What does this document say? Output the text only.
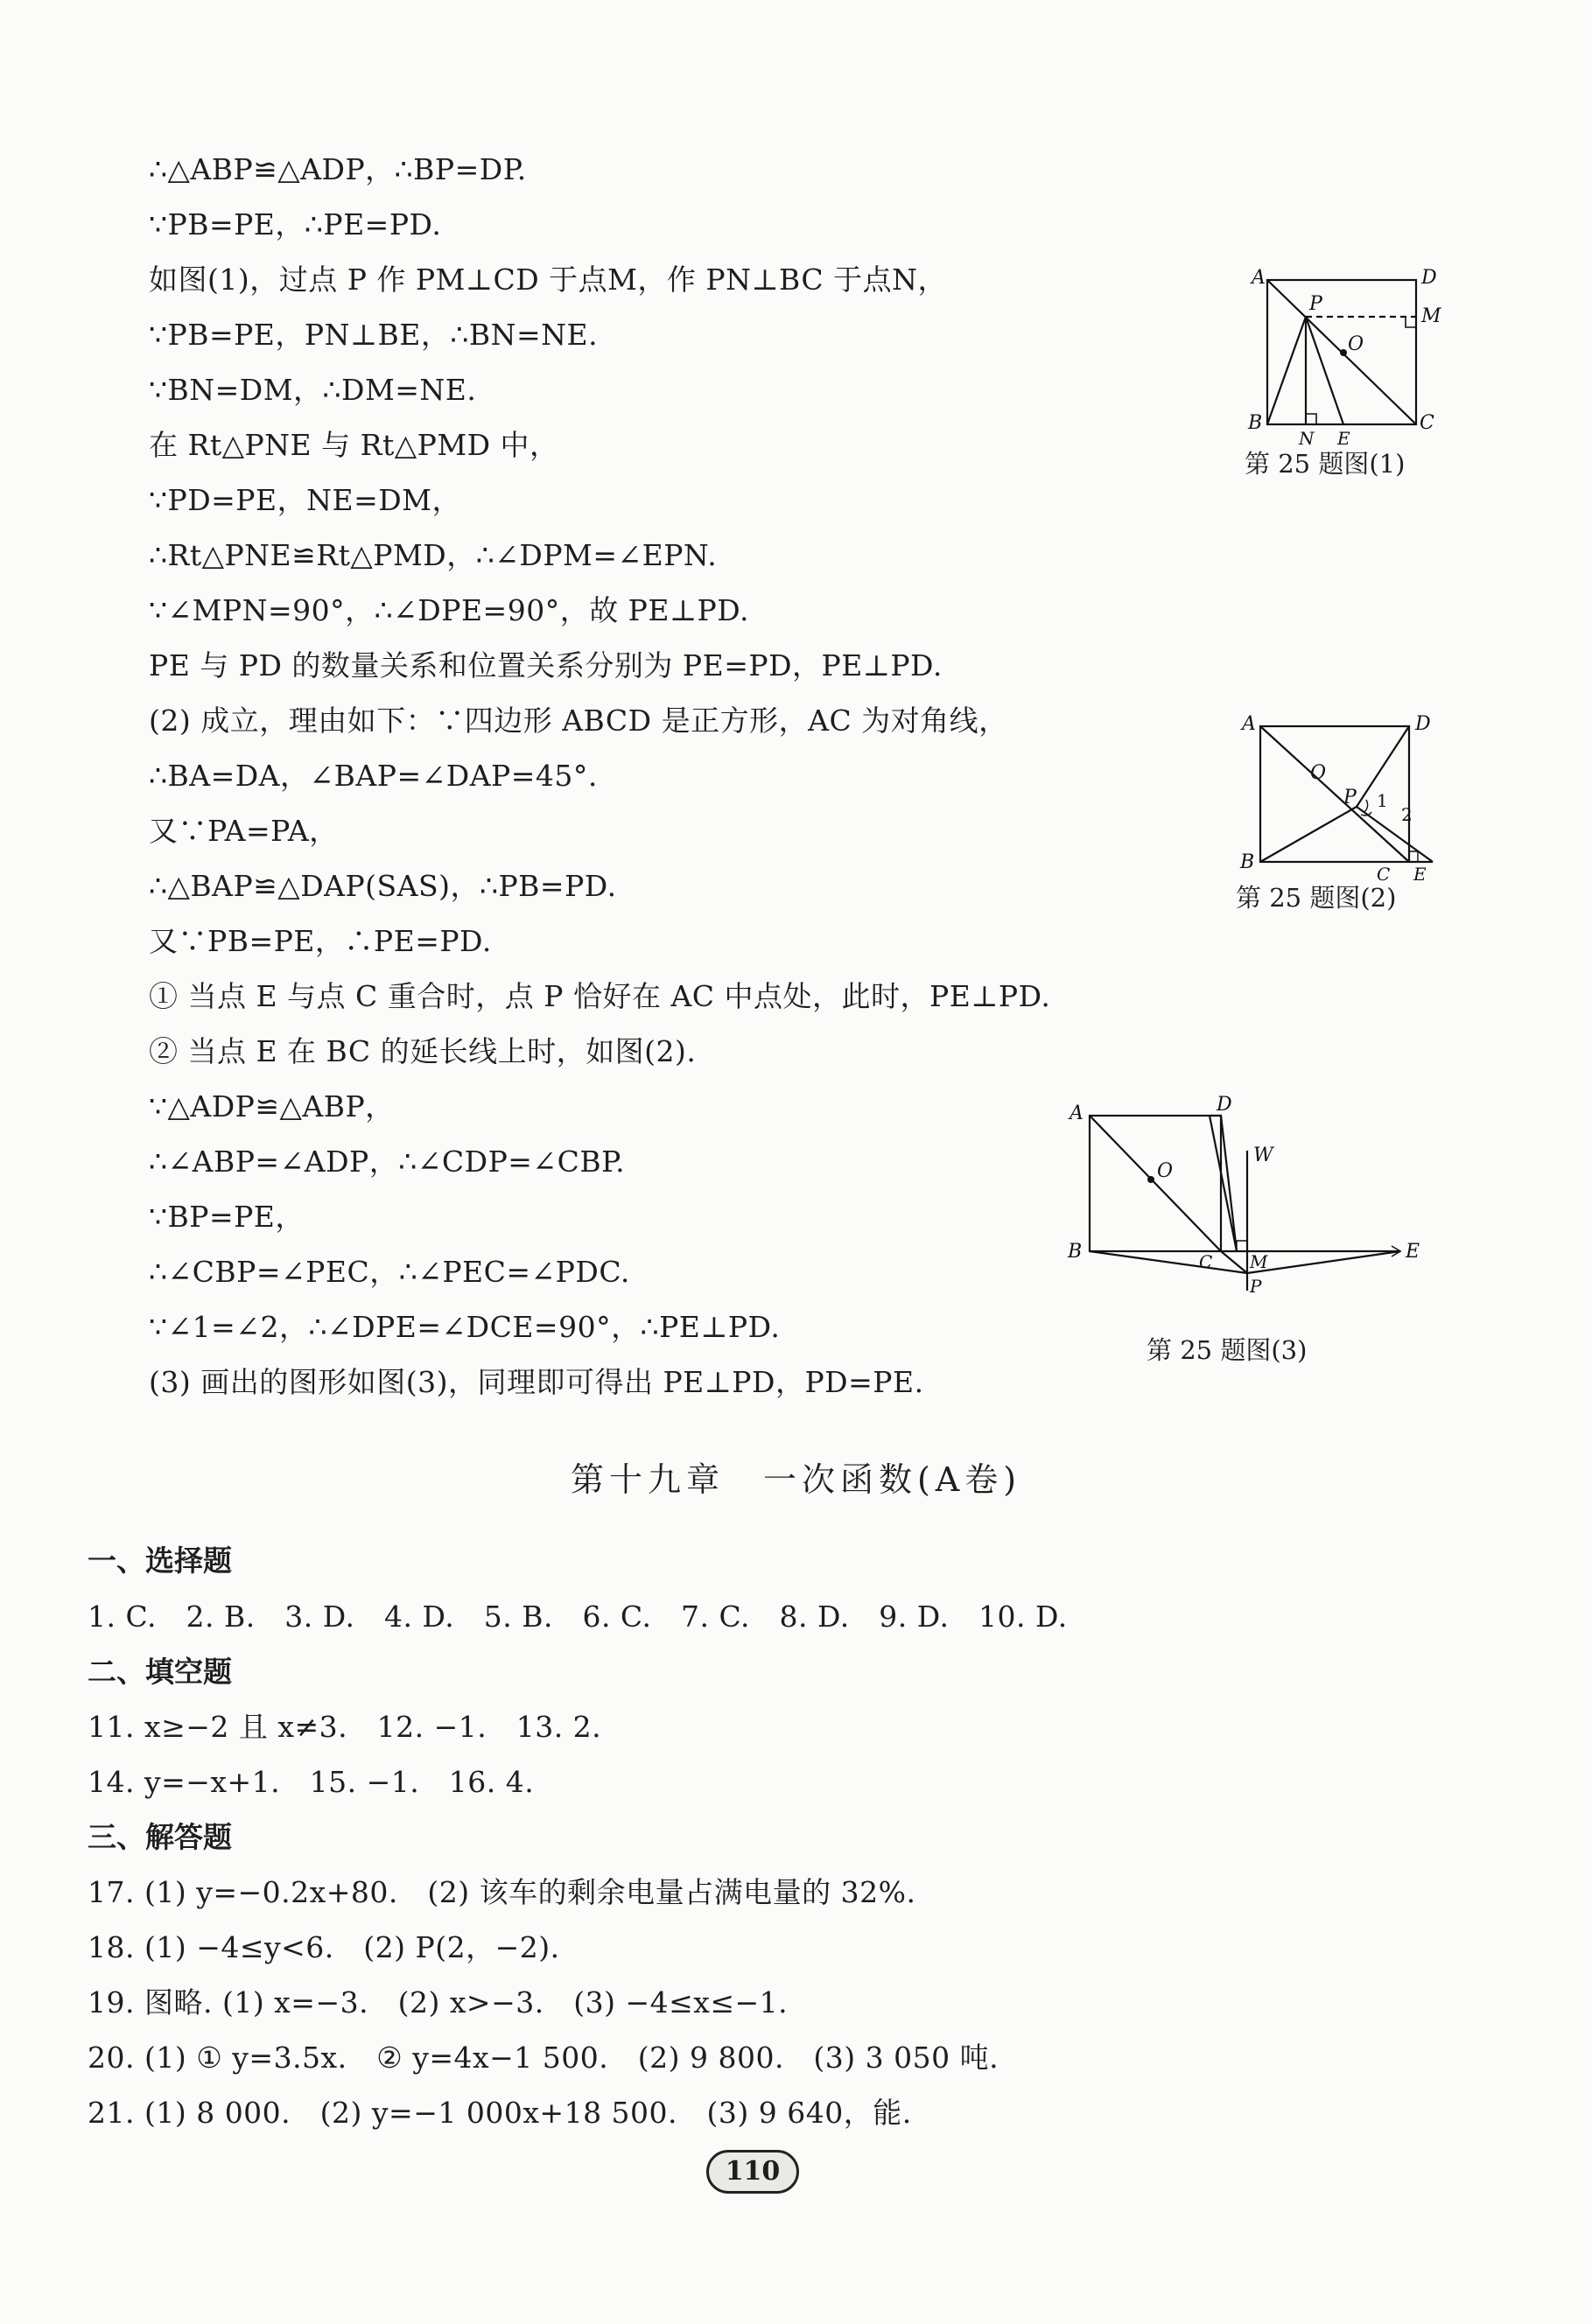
∴△ABP≌△ADP，∴BP=DP.
∵PB=PE，∴PE=PD.
如图(1)，过点 P 作 PM⊥CD 于点M，作 PN⊥BC 于点N，
∵PB=PE，PN⊥BE，∴BN=NE.
∵BN=DM，∴DM=NE.
在 Rt△PNE 与 Rt△PMD 中，
∵PD=PE，NE=DM，
∴Rt△PNE≌Rt△PMD，∴∠DPM=∠EPN.
∵∠MPN=90°，∴∠DPE=90°，故 PE⊥PD.
PE 与 PD 的数量关系和位置关系分别为 PE=PD，PE⊥PD.
(2) 成立，理由如下：∵四边形 ABCD 是正方形，AC 为对角线，
∴BA=DA，∠BAP=∠DAP=45°.
又∵PA=PA，
∴△BAP≌△DAP(SAS)，∴PB=PD.
又∵PB=PE，∴PE=PD.
① 当点 E 与点 C 重合时，点 P 恰好在 AC 中点处，此时，PE⊥PD.
② 当点 E 在 BC 的延长线上时，如图(2).
∵△ADP≌△ABP，
∴∠ABP=∠ADP，∴∠CDP=∠CBP.
∵BP=PE，
∴∠CBP=∠PEC，∴∠PEC=∠PDC.
∵∠1=∠2，∴∠DPE=∠DCE=90°，∴PE⊥PD.
(3) 画出的图形如图(3)，同理即可得出 PE⊥PD，PD=PE.
A	D
M
P
O
B
N E
C
第 25 题图(1)
A	D
O
P 1
2
B
C E
第 25 题图(2)
A	D
O
W
B	C M	E
P
第 25 题图(3)
第十九章　一次函数(A卷)
一、选择题
1. C.　2. B.　3. D.　4. D.　5. B.　6. C.　7. C.　8. D.　9. D.　10. D.
二、填空题
11. x≥−2 且 x≠3.　12. −1.　13. 2.
14. y=−x+1.　15. −1.　16. 4.
三、解答题
17. (1) y=−0.2x+80.　(2) 该车的剩余电量占满电量的 32%.
18. (1) −4≤y<6.　(2) P(2，−2).
19. 图略. (1) x=−3.　(2) x>−3.　(3) −4≤x≤−1.
20. (1) ① y=3.5x.　② y=4x−1 500.　(2) 9 800.　(3) 3 050 吨.
21. (1) 8 000.　(2) y=−1 000x+18 500.　(3) 9 640，能.
110
